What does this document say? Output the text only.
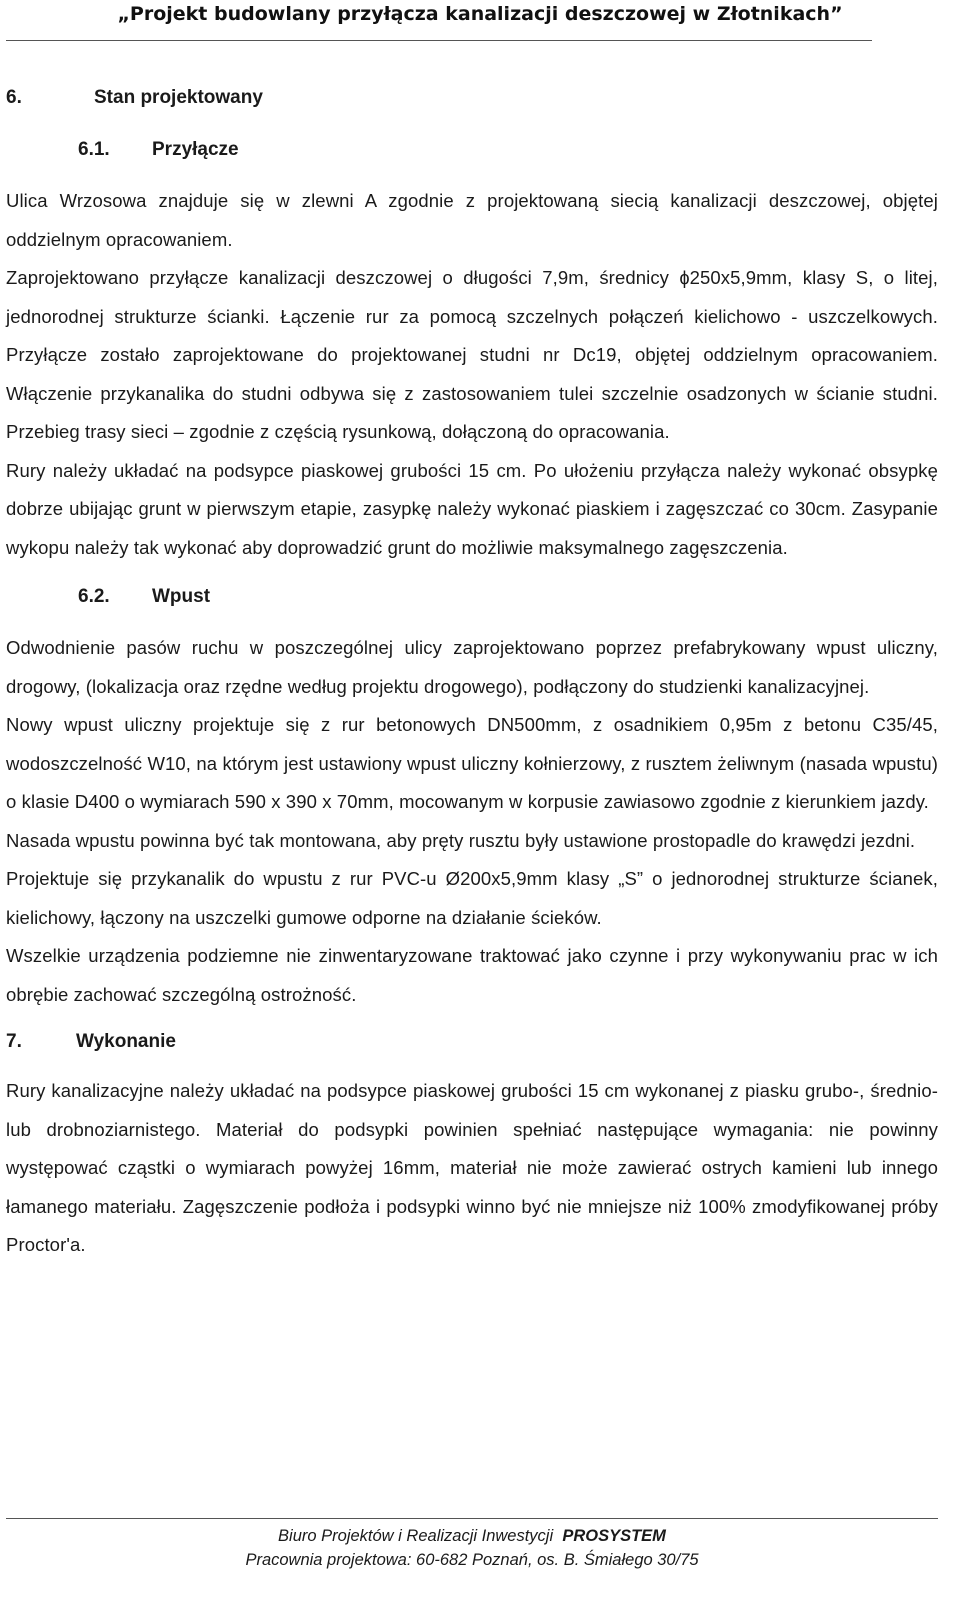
„Projekt budowlany przyłącza kanalizacji deszczowej w Złotnikach”
6.	Stan projektowany
6.1. Przyłącze

Ulica Wrzosowa znajduje się w zlewni A zgodnie z projektowaną siecią kanalizacji deszczowej, objętej oddzielnym opracowaniem.

Zaprojektowano przyłącze kanalizacji deszczowej o długości 7,9m, średnicy ɸ250x5,9mm, klasy S, o litej, jednorodnej strukturze ścianki. Łączenie rur za pomocą szczelnych połączeń kielichowo - uszczelkowych. Przyłącze zostało zaprojektowane do projektowanej studni nr Dc19, objętej oddzielnym opracowaniem. Włączenie przykanalika do studni odbywa się z zastosowaniem tulei szczelnie osadzonych w ścianie studni. Przebieg trasy sieci – zgodnie z częścią rysunkową, dołączoną do opracowania.

Rury należy układać na podsypce piaskowej grubości 15 cm. Po ułożeniu przyłącza należy wykonać obsypkę dobrze ubijając grunt w pierwszym etapie, zasypkę należy wykonać piaskiem i zagęszczać co 30cm. Zasypanie wykopu należy tak wykonać aby doprowadzić grunt do możliwie maksymalnego zagęszczenia.

6.2. Wpust

Odwodnienie pasów ruchu w poszczególnej ulicy zaprojektowano poprzez prefabrykowany wpust uliczny, drogowy, (lokalizacja oraz rzędne według projektu drogowego), podłączony do studzienki kanalizacyjnej.

Nowy wpust uliczny projektuje się z rur betonowych DN500mm, z osadnikiem 0,95m z betonu C35/45, wodoszczelność W10, na którym jest ustawiony wpust uliczny kołnierzowy, z rusztem żeliwnym (nasada wpustu) o klasie D400 o wymiarach 590 x 390 x 70mm, mocowanym w korpusie zawiasowo zgodnie z kierunkiem jazdy.

Nasada wpustu powinna być tak montowana, aby pręty rusztu były ustawione prostopadle do krawędzi jezdni.

Projektuje się przykanalik do wpustu z rur PVC-u Ø200x5,9mm klasy „S” o jednorodnej strukturze ścianek, kielichowy, łączony na uszczelki gumowe odporne na działanie ścieków.

Wszelkie urządzenia podziemne nie zinwentaryzowane traktować jako czynne i przy wykonywaniu prac w ich obrębie zachować szczególną ostrożność.

7.	Wykonanie

Rury kanalizacyjne należy układać na podsypce piaskowej grubości 15 cm wykonanej z piasku grubo-, średnio- lub drobnoziarnistego. Materiał do podsypki powinien spełniać następujące wymagania: nie powinny występować cząstki o wymiarach powyżej 16mm, materiał nie może zawierać ostrych kamieni lub innego łamanego materiału. Zagęszczenie podłoża i podsypki winno być nie mniejsze niż 100% zmodyfikowanej próby Proctor'a.

Biuro Projektów i Realizacji Inwestycji PROSYSTEM
Pracownia projektowa: 60-682 Poznań, os. B. Śmiałego 30/75
